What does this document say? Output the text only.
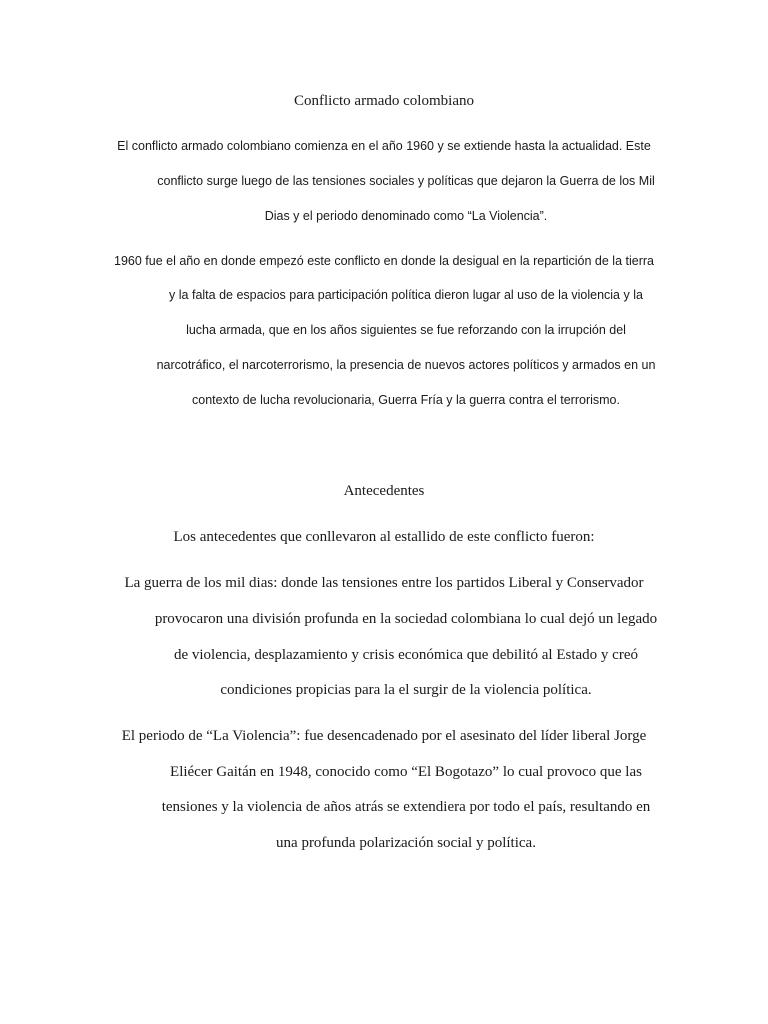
Conflicto armado colombiano
El conflicto armado colombiano comienza en el año 1960 y se extiende hasta la actualidad. Este
conflicto surge luego de las tensiones sociales y políticas que dejaron la Guerra de los Mil
Dias y el periodo denominado como “La Violencia”.
1960 fue el año en donde empezó este conflicto en donde la desigual en la repartición de la tierra
y la falta de espacios para participación política dieron lugar al uso de la violencia y la
lucha armada, que en los años siguientes se fue reforzando con la irrupción del
narcotráfico, el narcoterrorismo, la presencia de nuevos actores políticos y armados en un
contexto de lucha revolucionaria, Guerra Fría y la guerra contra el terrorismo.
Antecedentes
Los antecedentes que conllevaron al estallido de este conflicto fueron:
La guerra de los mil dias: donde las tensiones entre los partidos Liberal y Conservador
provocaron una división profunda en la sociedad colombiana lo cual dejó un legado
de violencia, desplazamiento y crisis económica que debilitó al Estado y creó
condiciones propicias para la el surgir de la violencia política.
El periodo de “La Violencia”: fue desencadenado por el asesinato del líder liberal Jorge
Eliécer Gaitán en 1948, conocido como “El Bogotazo” lo cual provoco que las
tensiones y la violencia de años atrás se extendiera por todo el país, resultando en
una profunda polarización social y política.
